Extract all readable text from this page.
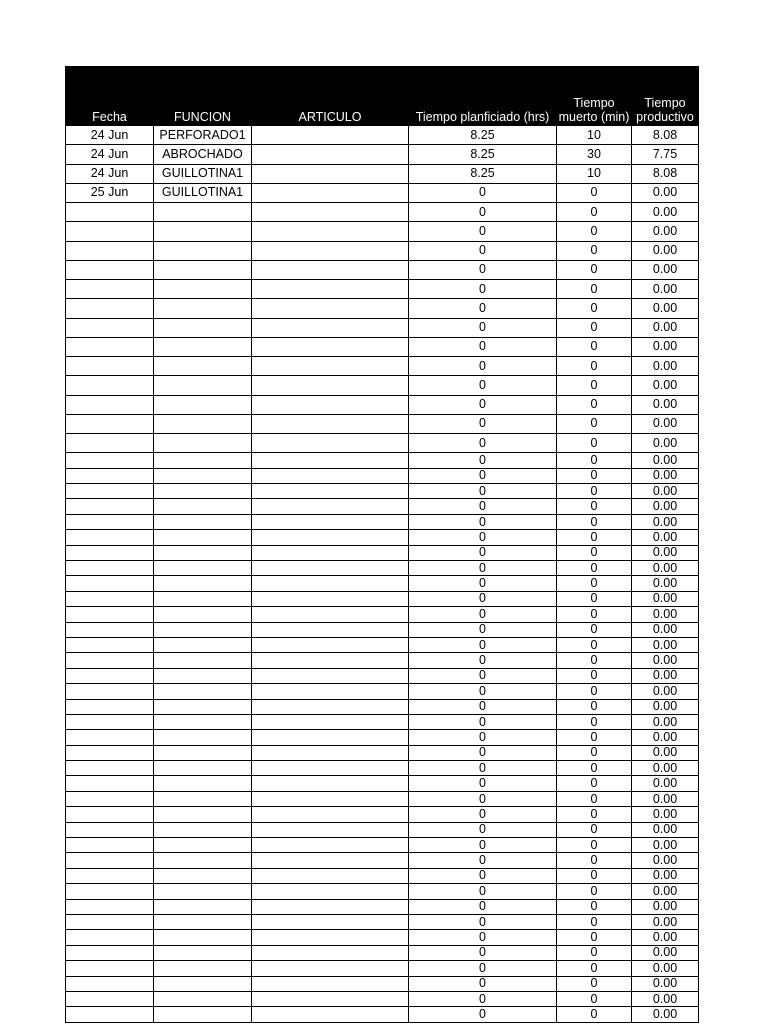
Fecha	FUNCION	ARTICULO	Tiempo planficiado (hrs)	Tiempo muerto (min)	Tiempo productivo
24 Jun	PERFORADO1		8.25	10	8.08
24 Jun	ABROCHADO		8.25	30	7.75
24 Jun	GUILLOTINA1		8.25	10	8.08
25 Jun	GUILLOTINA1		0	0	0.00
			0	0	0.00
			0	0	0.00
			0	0	0.00
			0	0	0.00
			0	0	0.00
			0	0	0.00
			0	0	0.00
			0	0	0.00
			0	0	0.00
			0	0	0.00
			0	0	0.00
			0	0	0.00
			0	0	0.00
			0	0	0.00
			0	0	0.00
			0	0	0.00
			0	0	0.00
			0	0	0.00
			0	0	0.00
			0	0	0.00
			0	0	0.00
			0	0	0.00
			0	0	0.00
			0	0	0.00
			0	0	0.00
			0	0	0.00
			0	0	0.00
			0	0	0.00
			0	0	0.00
			0	0	0.00
			0	0	0.00
			0	0	0.00
			0	0	0.00
			0	0	0.00
			0	0	0.00
			0	0	0.00
			0	0	0.00
			0	0	0.00
			0	0	0.00
			0	0	0.00
			0	0	0.00
			0	0	0.00
			0	0	0.00
			0	0	0.00
			0	0	0.00
			0	0	0.00
			0	0	0.00
			0	0	0.00
			0	0	0.00
			0	0	0.00
